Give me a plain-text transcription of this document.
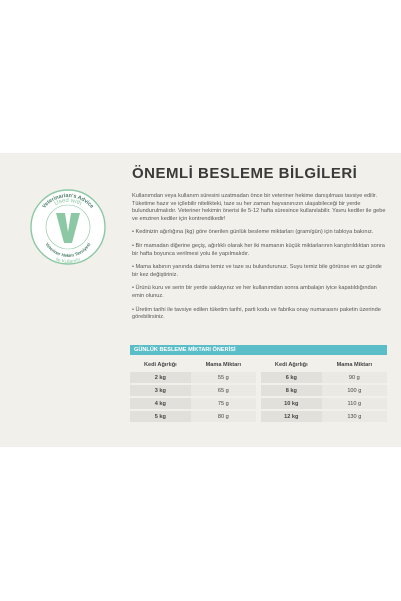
Used with
Veterinarian's Advice
Veteriner Hekim Tavsiyesi
ile Kullanılır
ÖNEMLİ BESLEME BİLGİLERİ

Kullanımdan veya kullanım süresini uzatmadan önce bir veteriner hekime danışılması tavsiye edilir. Tüketime hazır ve içilebilir nitelikteki, taze su her zaman hayvanınızın ulaşabileceği bir yerde bulundurulmalıdır. Veteriner hekimin önerisi ile 5-12 hafta süresince kullanılabilir. Yavru kediler ile gebe ve emziren kediler için kontrendikedir!

• Kedinizin ağırlığına (kg) göre önerilen günlük besleme miktarları (gram/gün) için tabloya bakınız.

• Bir mamadan diğerine geçiş, ağırlıklı olarak her iki mamanın küçük miktarlarının karıştırıldıktan sonra bir hafta boyunca verilmesi yolu ile yapılmalıdır.

• Mama kabının yanında daima temiz ve taze su bulundurunuz. Suyu temiz bile görünse en az günde bir kez değiştiriniz.

• Ürünü kuru ve serin bir yerde saklayınız ve her kullanımdan sonra ambalajın iyice kapatıldığından emin olunuz.

• Üretim tarihi ile tavsiye edilen tüketim tarihi, parti kodu ve fabrika onay numarasını paketin üzerinde görebilirsiniz.

GÜNLÜK BESLEME MİKTARI ÖNERİSİ
Kedi Ağırlığı	Mama Miktarı		Kedi Ağırlığı	Mama Miktarı
2 kg	55 g		6 kg	90 g
3 kg	65 g		8 kg	100 g
4 kg	75 g		10 kg	110 g
5 kg	80 g		12 kg	130 g
